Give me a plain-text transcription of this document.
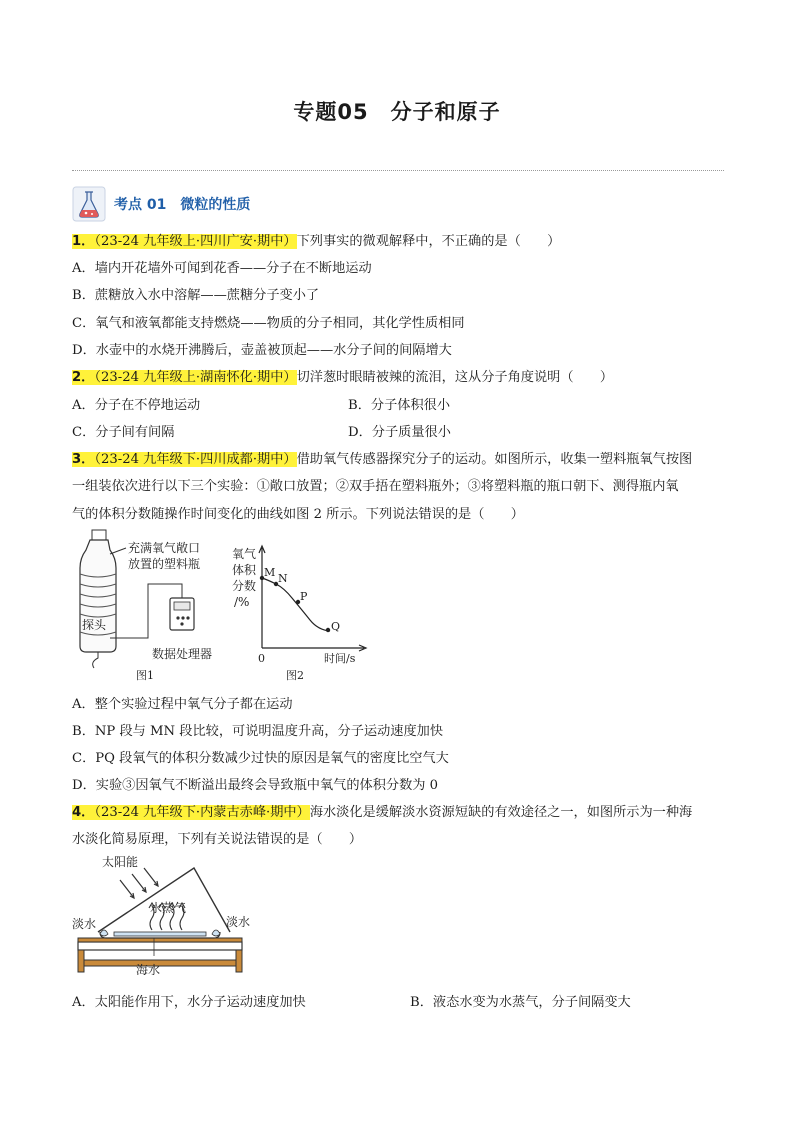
专题05 分子和原子
考点 01 微粒的性质
1．（23-24 九年级上·四川广安·期中）下列事实的微观解释中，不正确的是（　　）
A．墙内开花墙外可闻到花香——分子在不断地运动
B．蔗糖放入水中溶解——蔗糖分子变小了
C．氧气和液氧都能支持燃烧——物质的分子相同，其化学性质相同
D．水壶中的水烧开沸腾后，壶盖被顶起——水分子间的间隔增大
2．（23-24 九年级上·湖南怀化·期中）切洋葱时眼睛被辣的流泪，这从分子角度说明（　　）
A．分子在不停地运动	B．分子体积很小
C．分子间有间隔	D．分子质量很小
3．（23-24 九年级下·四川成都·期中）借助氧气传感器探究分子的运动。如图所示，收集一塑料瓶氧气按图
一组装依次进行以下三个实验：①敞口放置；②双手捂在塑料瓶外；③将塑料瓶的瓶口朝下、测得瓶内氧
气的体积分数随操作时间变化的曲线如图 2 所示。下列说法错误的是（　　）
探头
充满氧气敞口
放置的塑料瓶
数据处理器
图1
氧气
体积
分数
/%
0	时间/s
M N
P
Q
图2
A．整个实验过程中氧气分子都在运动
B．NP 段与 MN 段比较，可说明温度升高，分子运动速度加快
C．PQ 段氧气的体积分数减少过快的原因是氧气的密度比空气大
D．实验③因氧气不断溢出最终会导致瓶中氧气的体积分数为 0
4．（23-24 九年级下·内蒙古赤峰·期中）海水淡化是缓解淡水资源短缺的有效途径之一，如图所示为一种海
水淡化简易原理，下列有关说法错误的是（　　）
太阳能
水蒸气
淡水	淡水
海水
A．太阳能作用下，水分子运动速度加快	B．液态水变为水蒸气，分子间隔变大
